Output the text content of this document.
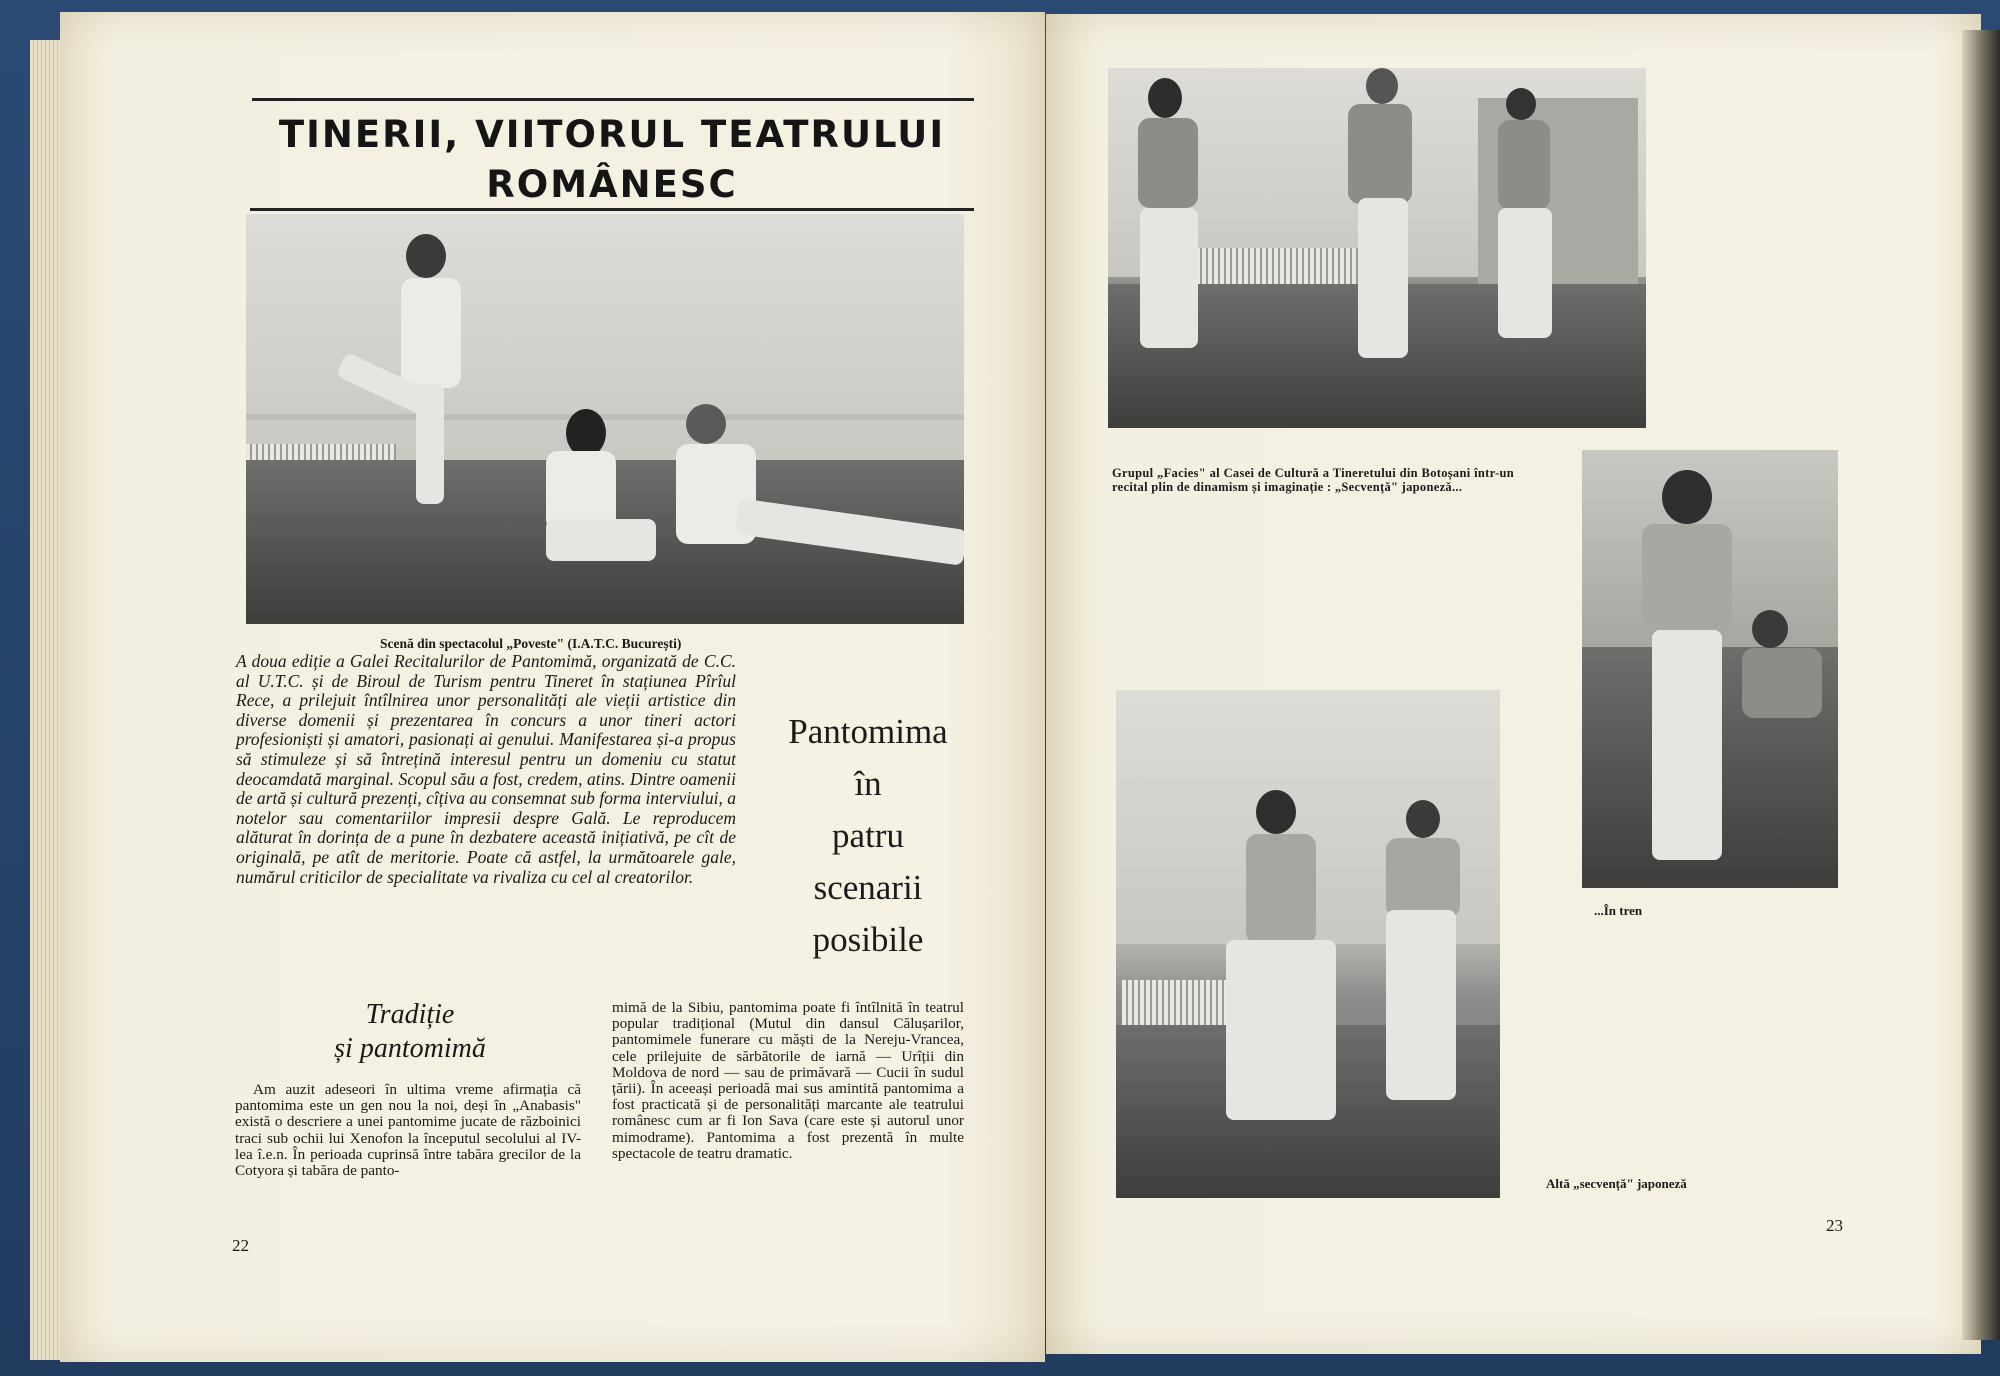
TINERII, VIITORUL TEATRULUI
ROMÂNESC
Scenă din spectacolul „Poveste" (I.A.T.C. București)
A doua ediție a Galei Recitalurilor de Pantomimă, organizată de C.C. al U.T.C. și de Biroul de Turism pentru Tineret în stațiunea Pîrîul Rece, a prilejuit întîlnirea unor personalități ale vieții artistice din diverse domenii și prezentarea în concurs a unor tineri actori profesioniști și amatori, pasionați ai genului. Manifestarea și-a propus să stimuleze și să întrețină interesul pentru un domeniu cu statut deocamdată marginal. Scopul său a fost, credem, atins. Dintre oamenii de artă și cultură prezenți, cîțiva au consemnat sub forma interviului, a notelor sau comentariilor impresii despre Gală. Le reproducem alăturat în dorința de a pune în dezbatere această inițiativă, pe cît de originală, pe atît de meritorie. Poate că astfel, la următoarele gale, numărul criticilor de specialitate va rivaliza cu cel al creatorilor.
Pantomima
în
patru
scenarii
posibile
Tradiție
și pantomimă
Am auzit adeseori în ultima vreme afirmația că pantomima este un gen nou la noi, deși în „Anabasis" există o descriere a unei pantomime jucate de războinici traci sub ochii lui Xenofon la începutul secolului al IV-lea î.e.n. În perioada cuprinsă între tabăra grecilor de la Cotyora și tabăra de panto-
mimă de la Sibiu, pantomima poate fi întîlnită în teatrul popular tradițional (Mutul din dansul Călușarilor, pantomimele funerare cu măști de la Nereju-Vrancea, cele prilejuite de sărbătorile de iarnă — Urîții din Moldova de nord — sau de primăvară — Cucii în sudul țării). În aceeași perioadă mai sus amintită pantomima a fost practicată și de personalități marcante ale teatrului românesc cum ar fi Ion Sava (care este și autorul unor mimodrame). Pantomima a fost prezentă în multe spectacole de teatru dramatic.
22
Grupul „Facies" al Casei de Cultură a Tineretului din Botoșani într-un recital plin de dinamism și imaginație : „Secvență" japoneză...
...În tren
Altă „secvență" japoneză
23
